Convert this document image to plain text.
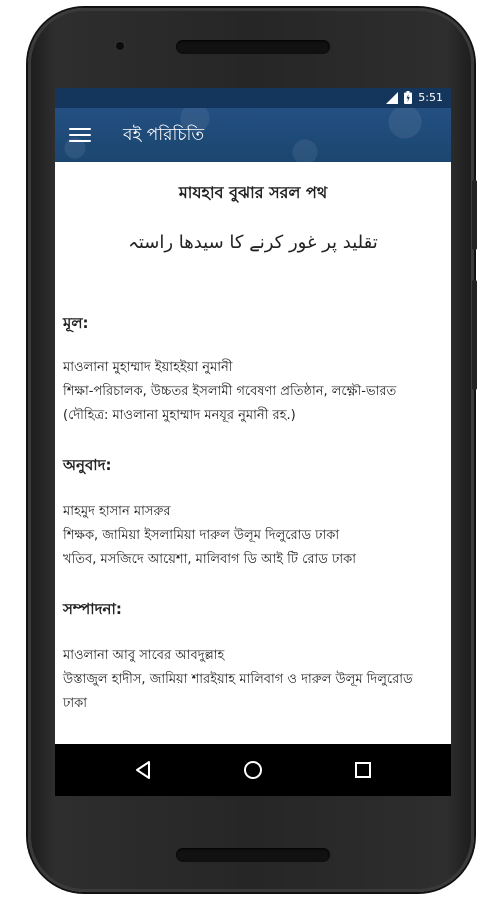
5:51
বই পরিচিতি
মাযহাব বুঝার সরল পথ
تقلید پر غور کرنے کا سیدھا راستہ
মূল:
মাওলানা মুহাম্মাদ ইয়াহইয়া নুমানী
শিক্ষা-পরিচালক, উচ্চতর ইসলামী গবেষণা প্রতিষ্ঠান, লক্ষ্ণৌ-ভারত
(দৌহিত্র: মাওলানা মুহাম্মাদ মনযূর নুমানী রহ.)
অনুবাদ:
মাহমুদ হাসান মাসরুর
শিক্ষক, জামিয়া ইসলামিয়া দারুল উলূম দিলুরোড ঢাকা
খতিব, মসজিদে আয়েশা, মালিবাগ ডি আই টি রোড ঢাকা
সম্পাদনা:
মাওলানা আবু সাবের আবদুল্লাহ
উস্তাজুল হাদীস, জামিয়া শারইয়াহ মালিবাগ ও দারুল উলূম দিলুরোড
ঢাকা
